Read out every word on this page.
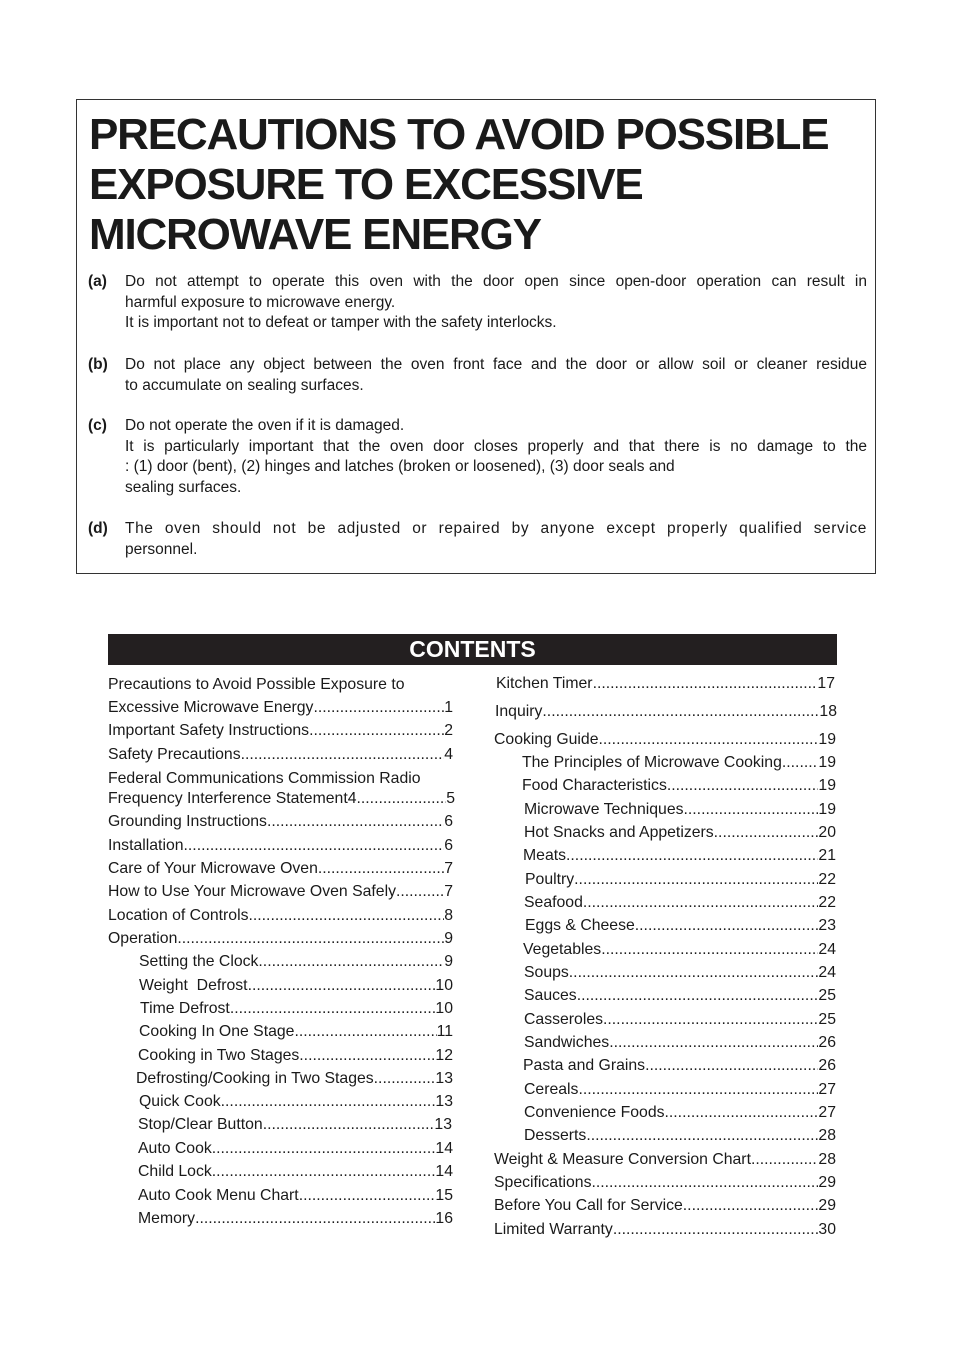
PRECAUTIONS TO AVOID POSSIBLE
EXPOSURE TO EXCESSIVE
MICROWAVE ENERGY
(a) Do not attempt to operate this oven with the door open since open-door operation can result in

harmful exposure to microwave energy.

It is important not to defeat or tamper with the safety interlocks.

(b) Do not place any object between the oven front face and the door or allow soil or cleaner residue

to accumulate on sealing surfaces.

(c) Do not operate the oven if it is damaged.

It is particularly important that the oven door closes properly and that there is no damage to the

: (1) door (bent), (2) hinges and latches (broken or loosened), (3) door seals and

sealing surfaces.

(d) The oven should not be adjusted or repaired by anyone except properly qualified service

personnel.

CONTENTS
Precautions to Avoid Possible Exposure to
Excessive Microwave Energy .....	1
Important Safety Instructions .....	2
Safety Precautions .....	4
Federal Communications Commission Radio
Frequency Interference Statement4 .....	5
Grounding Instructions .....	6
Installation .....	6
Care of Your Microwave Oven .....	7
How to Use Your Microwave Oven Safely .....	7
Location of Controls .....	8
Operation .....	9
Setting the Clock .....	9
Weight  Defrost .....	10
Time Defrost .....	10
Cooking In One Stage .....	11
Cooking in Two Stages .....	12
Defrosting/Cooking in Two Stages .....	13
Quick Cook .....	13
Stop/Clear Button .....	13
Auto Cook .....	14
Child Lock .....	14
Auto Cook Menu Chart .....	15
Memory .....	16
Kitchen Timer .....	17
Inquiry .....	18
Cooking Guide .....	19
The Principles of Microwave Cooking ..... 19
Food Characteristics .....	19
Microwave Techniques .....	19
Hot Snacks and Appetizers .....	20
Meats .....	21
Poultry .....	22
Seafood .....	22
Eggs & Cheese .....	23
Vegetables .....	24
Soups .....	24
Sauces .....	25
Casseroles .....	25
Sandwiches .....	26
Pasta and Grains .....	26
Cereals .....	27
Convenience Foods .....	27
Desserts .....	28
Weight & Measure Conversion Chart .....	28
Specifications .....	29
Before You Call for Service .....	29
Limited Warranty .....	30
